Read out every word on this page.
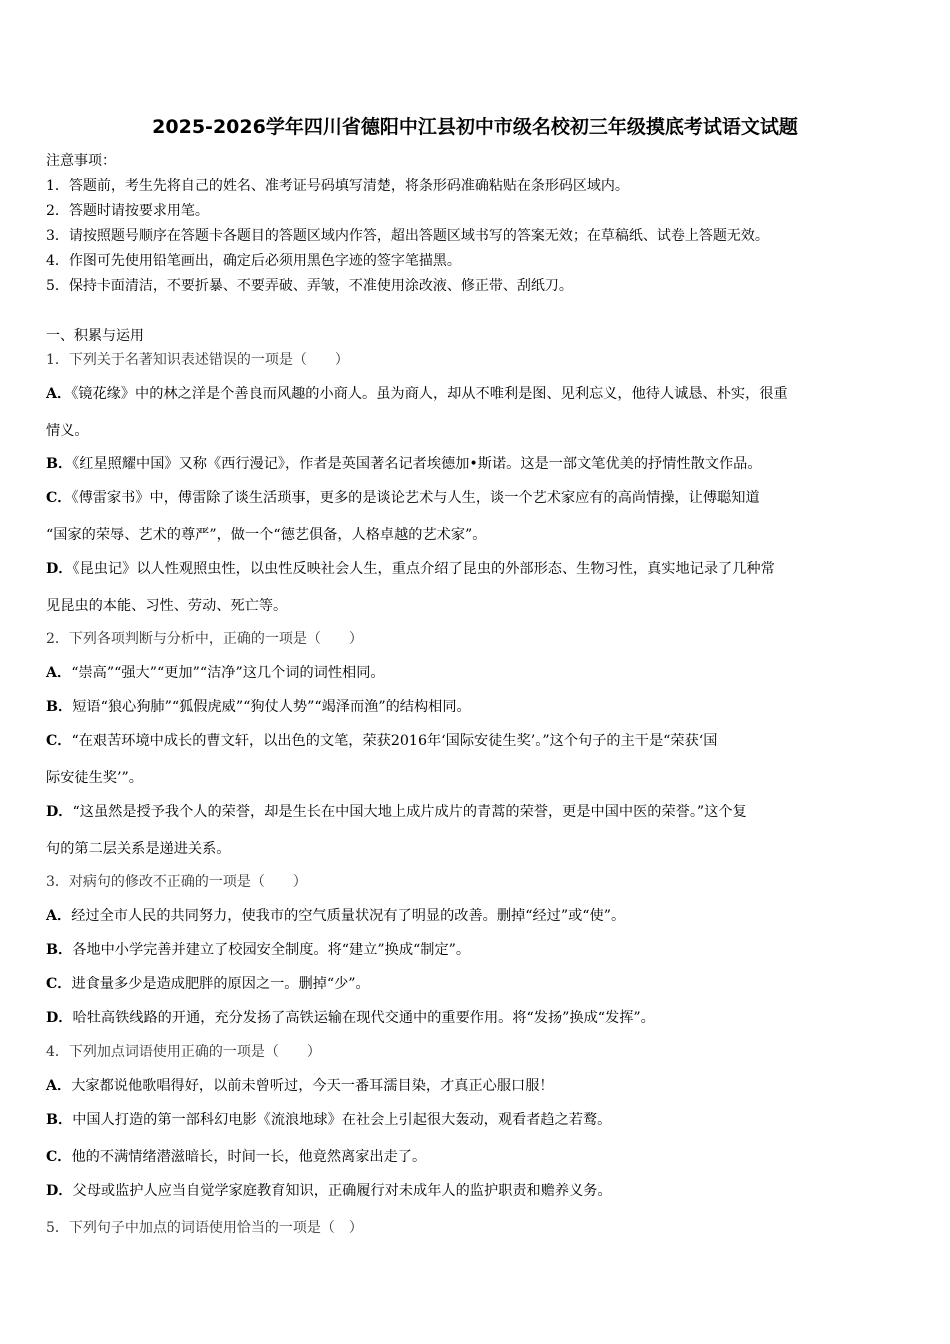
2025-2026学年四川省德阳中江县初中市级名校初三年级摸底考试语文试题
注意事项：
1．答题前，考生先将自己的姓名、准考证号码填写清楚，将条形码准确粘贴在条形码区域内。
2．答题时请按要求用笔。
3．请按照题号顺序在答题卡各题目的答题区域内作答，超出答题区域书写的答案无效；在草稿纸、试卷上答题无效。
4．作图可先使用铅笔画出，确定后必须用黑色字迹的签字笔描黑。
5．保持卡面清洁，不要折暴、不要弄破、弄皱，不准使用涂改液、修正带、刮纸刀。
一、积累与运用
1．下列关于名著知识表述错误的一项是（　　）
A．《镜花缘》中的林之洋是个善良而风趣的小商人。虽为商人，却从不唯利是图、见利忘义，他待人诚恳、朴实，很重
情义。
B．《红星照耀中国》又称《西行漫记》，作者是英国著名记者埃德加•斯诺。这是一部文笔优美的抒情性散文作品。
C．《傅雷家书》中，傅雷除了谈生活琐事，更多的是谈论艺术与人生，谈一个艺术家应有的高尚情操，让傅聪知道
“国家的荣辱、艺术的尊严”，做一个“德艺俱备，人格卓越的艺术家”。
D．《昆虫记》以人性观照虫性，以虫性反映社会人生，重点介绍了昆虫的外部形态、生物习性，真实地记录了几种常
见昆虫的本能、习性、劳动、死亡等。
2．下列各项判断与分析中，正确的一项是（　　）
A．“崇高”“强大”“更加”“洁净”这几个词的词性相同。
B．短语“狼心狗肺”“狐假虎威”“狗仗人势”“竭泽而渔”的结构相同。
C．“在艰苦环境中成长的曹文轩，以出色的文笔，荣获2016年‘国际安徒生奖’。”这个句子的主干是“荣获‘国
际安徒生奖’”。
D．“这虽然是授予我个人的荣誉，却是生长在中国大地上成片成片的青蒿的荣誉，更是中国中医的荣誉。”这个复
句的第二层关系是递进关系。
3．对病句的修改不正确的一项是（　　）
A．经过全市人民的共同努力，使我市的空气质量状况有了明显的改善。删掉“经过”或“使”。
B．各地中小学完善并建立了校园安全制度。将“建立”换成“制定”。
C．进食量多少是造成肥胖的原因之一。删掉“少”。
D．哈牡高铁线路的开通，充分发扬了高铁运输在现代交通中的重要作用。将“发扬”换成“发挥”。
4．下列加点词语使用正确的一项是（　　）
A．大家都说他歌唱得好，以前未曾听过，今天一番耳濡目染，才真正心服口服！
B．中国人打造的第一部科幻电影《流浪地球》在社会上引起很大轰动，观看者趋之若鹜。
C．他的不满情绪潜滋暗长，时间一长，他竟然离家出走了。
D．父母或监护人应当自觉学家庭教育知识，正确履行对未成年人的监护职责和赡养义务。
5．下列句子中加点的词语使用恰当的一项是（　）
